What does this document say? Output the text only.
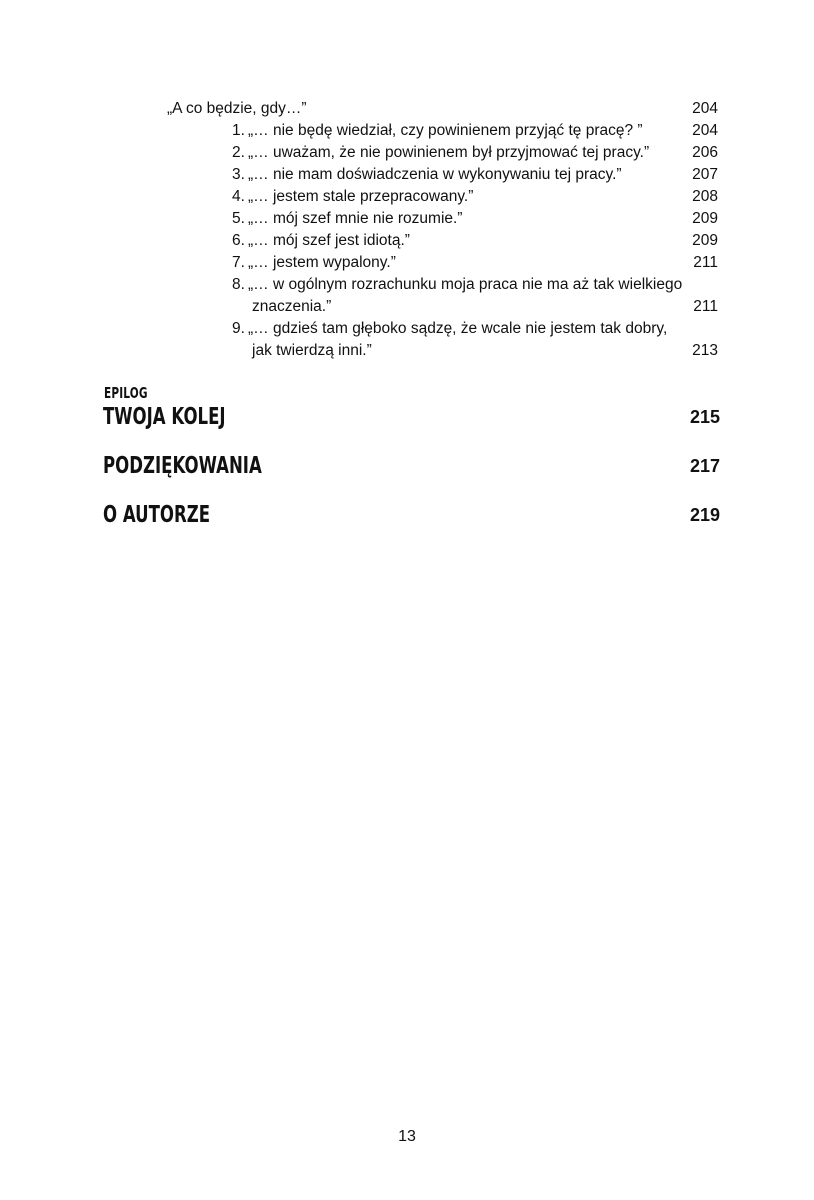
„A co będzie, gdy…”	204
1. „… nie będę wiedział, czy powinienem przyjąć tę pracę? ”	204
2. „… uważam, że nie powinienem był przyjmować tej pracy.”	206
3. „… nie mam doświadczenia w wykonywaniu tej pracy.”	207
4. „… jestem stale przepracowany.”	208
5. „… mój szef mnie nie rozumie.”	209
6. „… mój szef jest idiotą.”	209
7. „… jestem wypalony.”	211
8. „… w ogólnym rozrachunku moja praca nie ma aż tak wielkiego
znaczenia.”	211
9. „… gdzieś tam głęboko sądzę, że wcale nie jestem tak dobry,
jak twierdzą inni.”	213
EPILOG
TWOJA KOLEJ	215
PODZIĘKOWANIA	217
O AUTORZE	219
13
